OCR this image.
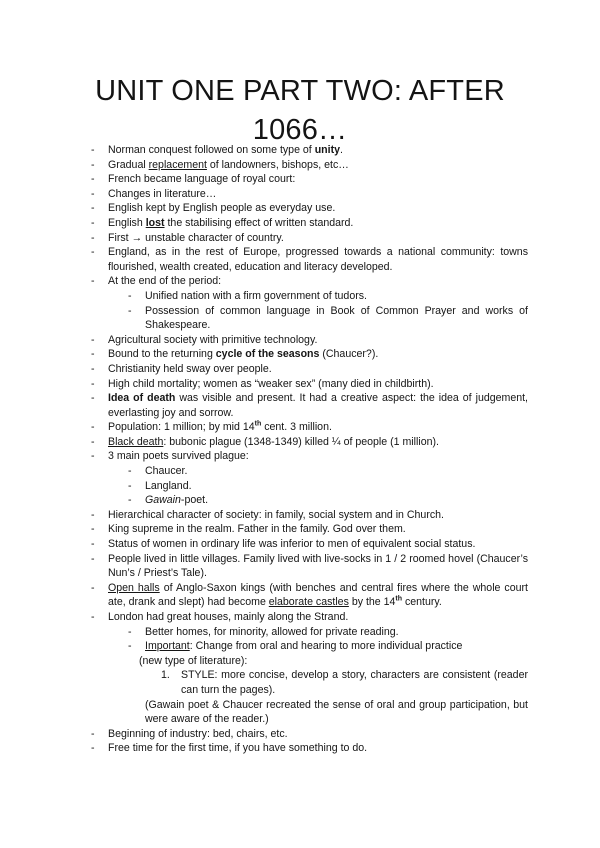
UNIT ONE PART TWO: AFTER
1066…
- Norman conquest followed on some type of unity.
- Gradual replacement of landowners, bishops, etc…
- French became language of royal court:
- Changes in literature…
- English kept by English people as everyday use.
- English lost the stabilising effect of written standard.
- First → unstable character of country.
- England, as in the rest of Europe, progressed towards a national community: towns flourished, wealth created, education and literacy developed.
- At the end of the period:
- Unified nation with a firm government of tudors.
- Possession of common language in Book of Common Prayer and works of Shakespeare.
- Agricultural society with primitive technology.
- Bound to the returning cycle of the seasons (Chaucer?).
- Christianity held sway over people.
- High child mortality; women as “weaker sex” (many died in childbirth).
- Idea of death was visible and present. It had a creative aspect: the idea of judgement, everlasting joy and sorrow.
- Population: 1 million; by mid 14th cent. 3 million.
- Black death: bubonic plague (1348-1349) killed ¼ of people (1 million).
- 3 main poets survived plague:
- Chaucer.
- Langland.
- Gawain-poet.
- Hierarchical character of society: in family, social system and in Church.
- King supreme in the realm. Father in the family. God over them.
- Status of women in ordinary life was inferior to men of equivalent social status.
- People lived in little villages. Family lived with live-socks in 1 / 2 roomed hovel (Chaucer’s Nun’s / Priest’s Tale).
- Open halls of Anglo-Saxon kings (with benches and central fires where the whole court ate, drank and slept) had become elaborate castles by the 14th century.
- London had great houses, mainly along the Strand.
- Better homes, for minority, allowed for private reading.
- Important: Change from oral and hearing to more individual practice
(new type of literature):
1. STYLE: more concise, develop a story, characters are consistent (reader can turn the pages).
(Gawain poet & Chaucer recreated the sense of oral and group participation, but were aware of the reader.)
- Beginning of industry: bed, chairs, etc.
- Free time for the first time, if you have something to do.
